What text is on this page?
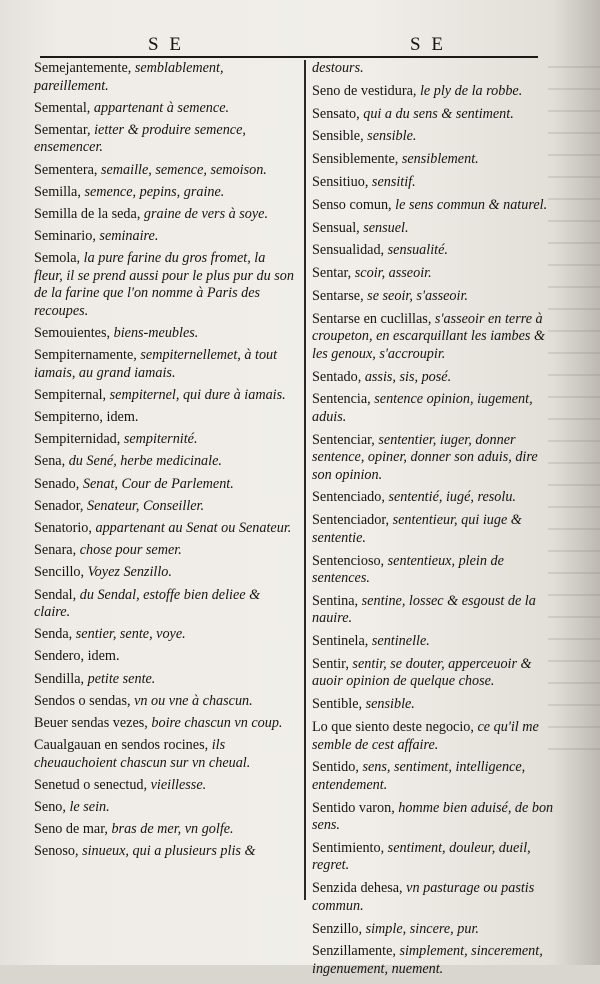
S E	S E
Semejantemente, semblablement, pareillement.
Semental, appartenant à semence.
Sementar, ietter & produire semence, ensemencer.
Sementera, semaille, semence, semoison.
Semilla, semence, pepins, graine.
Semilla de la seda, graine de vers à soye.
Seminario, seminaire.
Semola, la pure farine du gros fromet, la fleur, il se prend aussi pour le plus pur du son de la farine que l'on nomme à Paris des recoupes.
Semouientes, biens-meubles.
Sempiternamente, sempiternellemet, à tout iamais, au grand iamais.
Sempiternal, sempiternel, qui dure à iamais.
Sempiterno, idem.
Sempiternidad, sempiternité.
Sena, du Sené, herbe medicinale.
Senado, Senat, Cour de Parlement.
Senador, Senateur, Conseiller.
Senatorio, appartenant au Senat ou Senateur.
Senara, chose pour semer.
Sencillo, Voyez Senzillo.
Sendal, du Sendal, estoffe bien deliee & claire.
Senda, sentier, sente, voye.
Sendero, idem.
Sendilla, petite sente.
Sendos o sendas, vn ou vne à chascun.
Beuer sendas vezes, boire chascun vn coup.
Caualgauan en sendos rocines, ils cheuauchoient chascun sur vn cheual.
Senetud o senectud, vieillesse.
Seno, le sein.
Seno de mar, bras de mer, vn golfe.
Senoso, sinueux, qui a plusieurs plis &
destours.
Seno de vestidura, le ply de la robbe.
Sensato, qui a du sens & sentiment.
Sensible, sensible.
Sensiblemente, sensiblement.
Sensitiuo, sensitif.
Senso comun, le sens commun & naturel.
Sensual, sensuel.
Sensualidad, sensualité.
Sentar, scoir, asseoir.
Sentarse, se seoir, s'asseoir.
Sentarse en cuclillas, s'asseoir en terre à croupeton, en escarquillant les iambes & les genoux, s'accroupir.
Sentado, assis, sis, posé.
Sentencia, sentence opinion, iugement, aduis.
Sentenciar, sententier, iuger, donner sentence, opiner, donner son aduis, dire son opinion.
Sentenciado, sententié, iugé, resolu.
Sentenciador, sententieur, qui iuge & sententie.
Sentencioso, sententieux, plein de sentences.
Sentina, sentine, lossec & esgoust de la nauire.
Sentinela, sentinelle.
Sentir, sentir, se douter, apperceuoir & auoir opinion de quelque chose.
Sentible, sensible.
Lo que siento deste negocio, ce qu'il me semble de cest affaire.
Sentido, sens, sentiment, intelligence, entendement.
Sentido varon, homme bien aduisé, de bon sens.
Sentimiento, sentiment, douleur, dueil, regret.
Senzida dehesa, vn pasturage ou pastis commun.
Senzillo, simple, sincere, pur.
Senzillamente, simplement, sincerement, ingenuement, nuement.
